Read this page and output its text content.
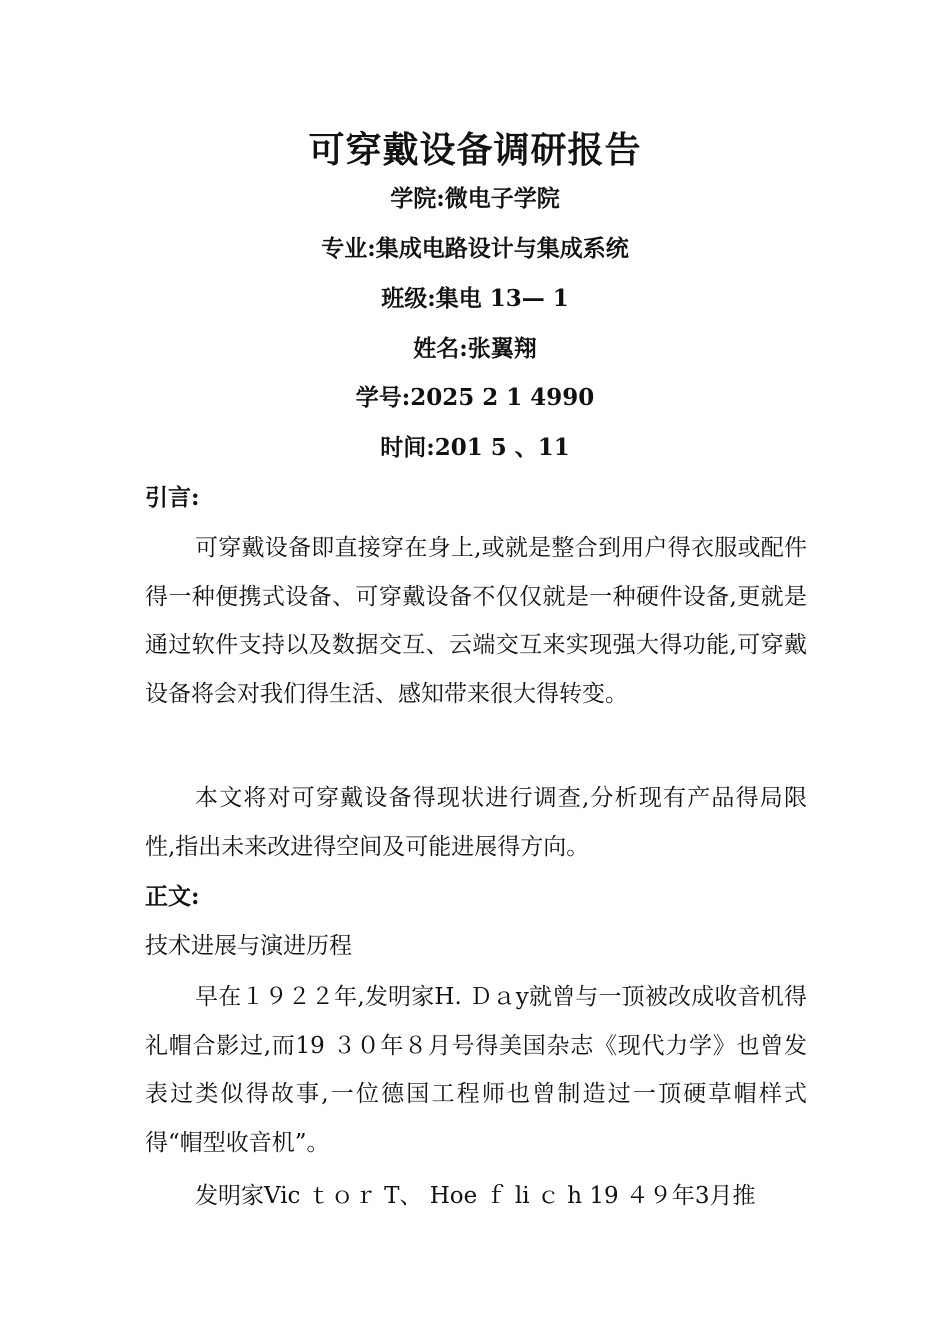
可穿戴设备调研报告
学院:微电子学院
专业:集成电路设计与集成系统
班级:集电 13— 1
姓名:张翼翔
学号:2025 2 1 4990
时间:201 5 、11
引言:
可穿戴设备即直接穿在身上,或就是整合到用户得衣服或配件得一种便携式设备、可穿戴设备不仅仅就是一种硬件设备,更就是通过软件支持以及数据交互、云端交互来实现强大得功能,可穿戴设备将会对我们得生活、感知带来很大得转变。
本文将对可穿戴设备得现状进行调查,分析现有产品得局限性,指出未来改进得空间及可能进展得方向。
正文:
技术进展与演进历程
早在１９２２年,发明家H. Ｄａy就曾与一顶被改成收音机得礼帽合影过,而19 ３０年８月号得美国杂志《现代力学》也曾发表过类似得故事,一位德国工程师也曾制造过一顶硬草帽样式得“帽型收音机”。
发明家Vic ｔｏｒ T、 Hoe ｆ li ｃ h 19 ４９年3月推
